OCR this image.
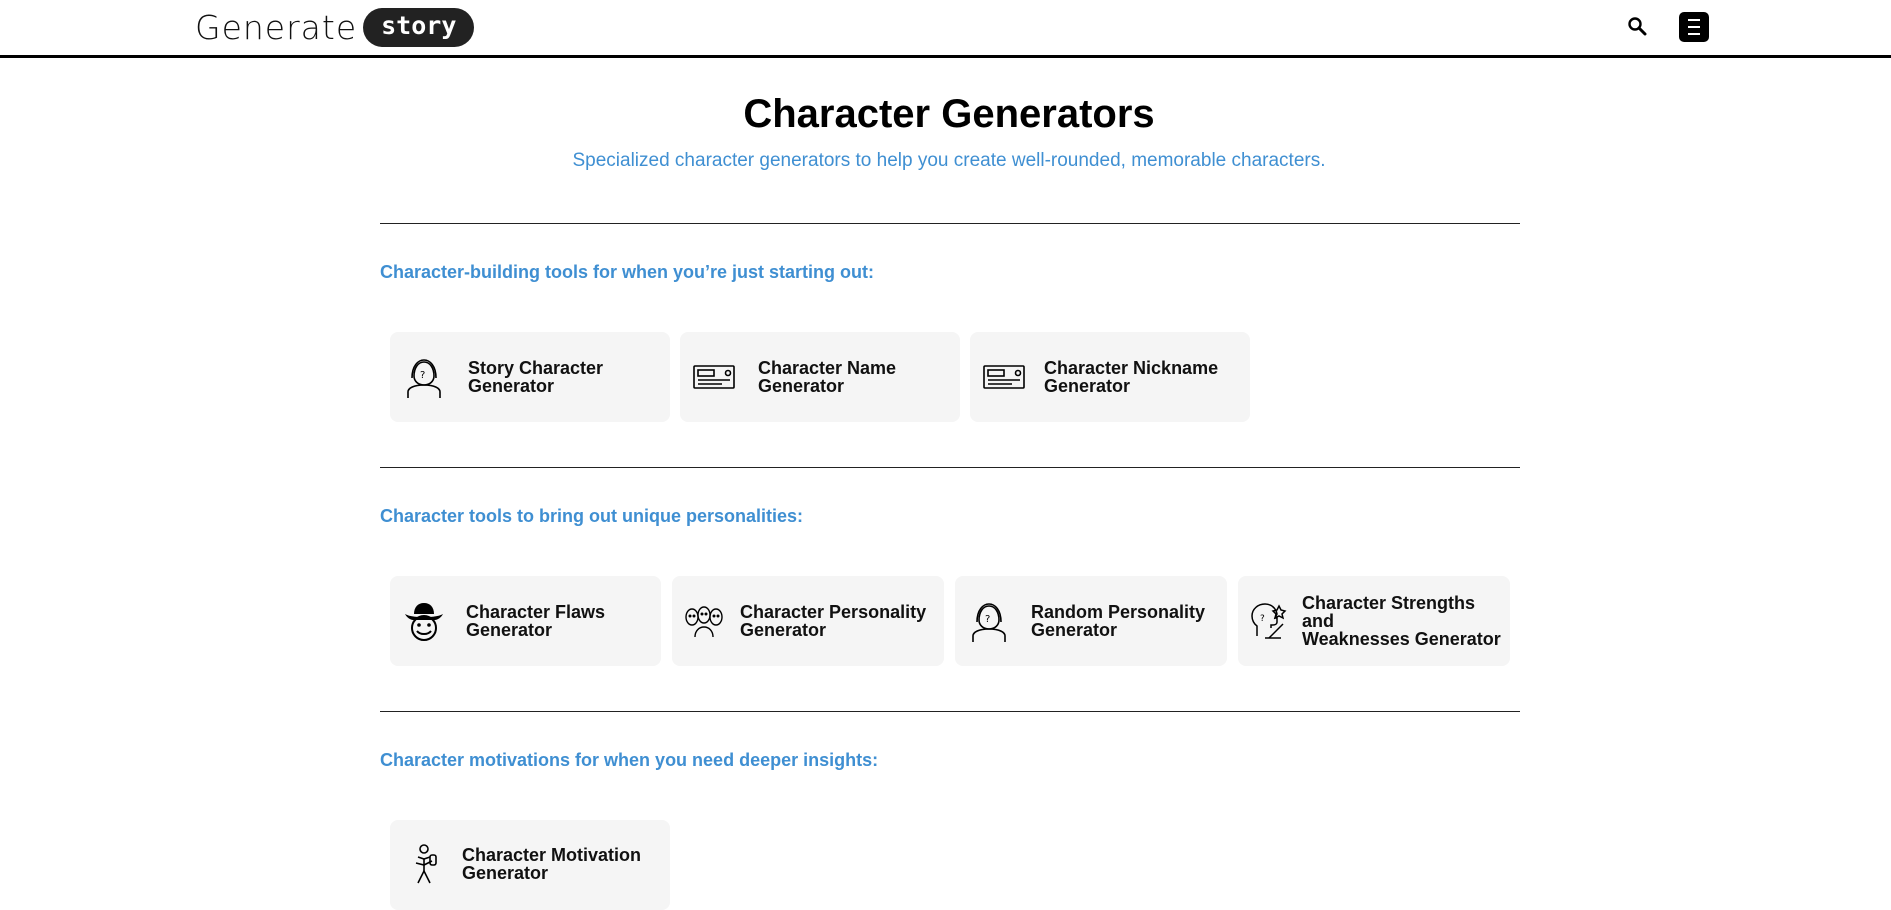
Generate story
Character Generators

Specialized character generators to help you create well-rounded, memorable characters.

Character-building tools for when you’re just starting out:

? Story Character
Generator
Character Name
Generator
Character Nickname
Generator

Character tools to bring out unique personalities:

Character Flaws
Generator
Character Personality
Generator
? Random Personality
Generator
?
Character Strengths and
Weaknesses Generator

Character motivations for when you need deeper insights:

Character Motivation
Generator
